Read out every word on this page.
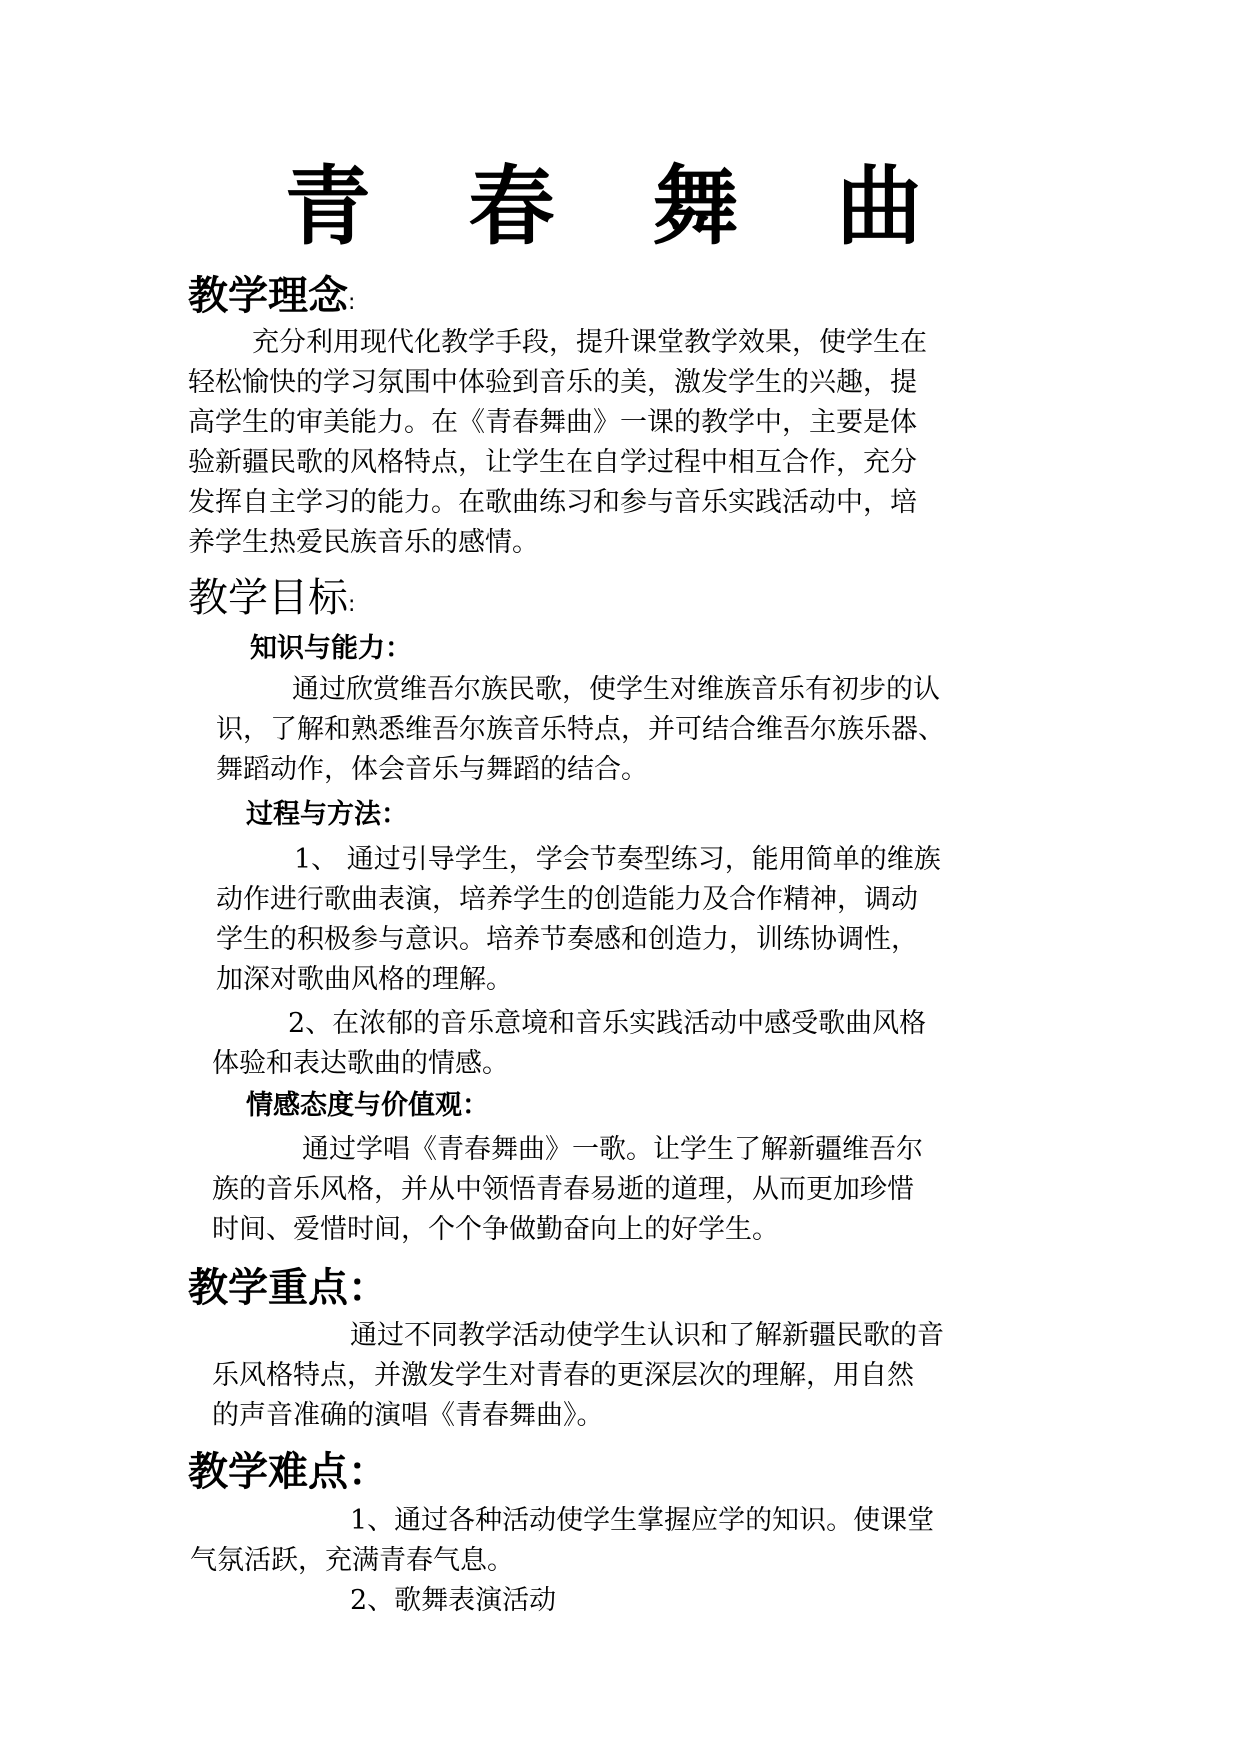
青 春 舞 曲
教学理念:
充分利用现代化教学手段，提升课堂教学效果，使学生在
轻松愉快的学习氛围中体验到音乐的美，激发学生的兴趣，提
高学生的审美能力。在《青春舞曲》一课的教学中，主要是体
验新疆民歌的风格特点，让学生在自学过程中相互合作，充分
发挥自主学习的能力。在歌曲练习和参与音乐实践活动中，培
养学生热爱民族音乐的感情。
教学目标:
知识与能力：
通过欣赏维吾尔族民歌，使学生对维族音乐有初步的认
识，了解和熟悉维吾尔族音乐特点，并可结合维吾尔族乐器、
舞蹈动作，体会音乐与舞蹈的结合。
过程与方法：
1、 通过引导学生，学会节奏型练习，能用简单的维族
动作进行歌曲表演，培养学生的创造能力及合作精神，调动
学生的积极参与意识。培养节奏感和创造力，训练协调性，
加深对歌曲风格的理解。
2、在浓郁的音乐意境和音乐实践活动中感受歌曲风格
体验和表达歌曲的情感。
情感态度与价值观：
通过学唱《青春舞曲》一歌。让学生了解新疆维吾尔
族的音乐风格，并从中领悟青春易逝的道理，从而更加珍惜
时间、爱惜时间，个个争做勤奋向上的好学生。
教学重点：
通过不同教学活动使学生认识和了解新疆民歌的音
乐风格特点，并激发学生对青春的更深层次的理解，用自然
的声音准确的演唱《青春舞曲》。
教学难点：
1、通过各种活动使学生掌握应学的知识。使课堂
气氛活跃，充满青春气息。
2、歌舞表演活动
